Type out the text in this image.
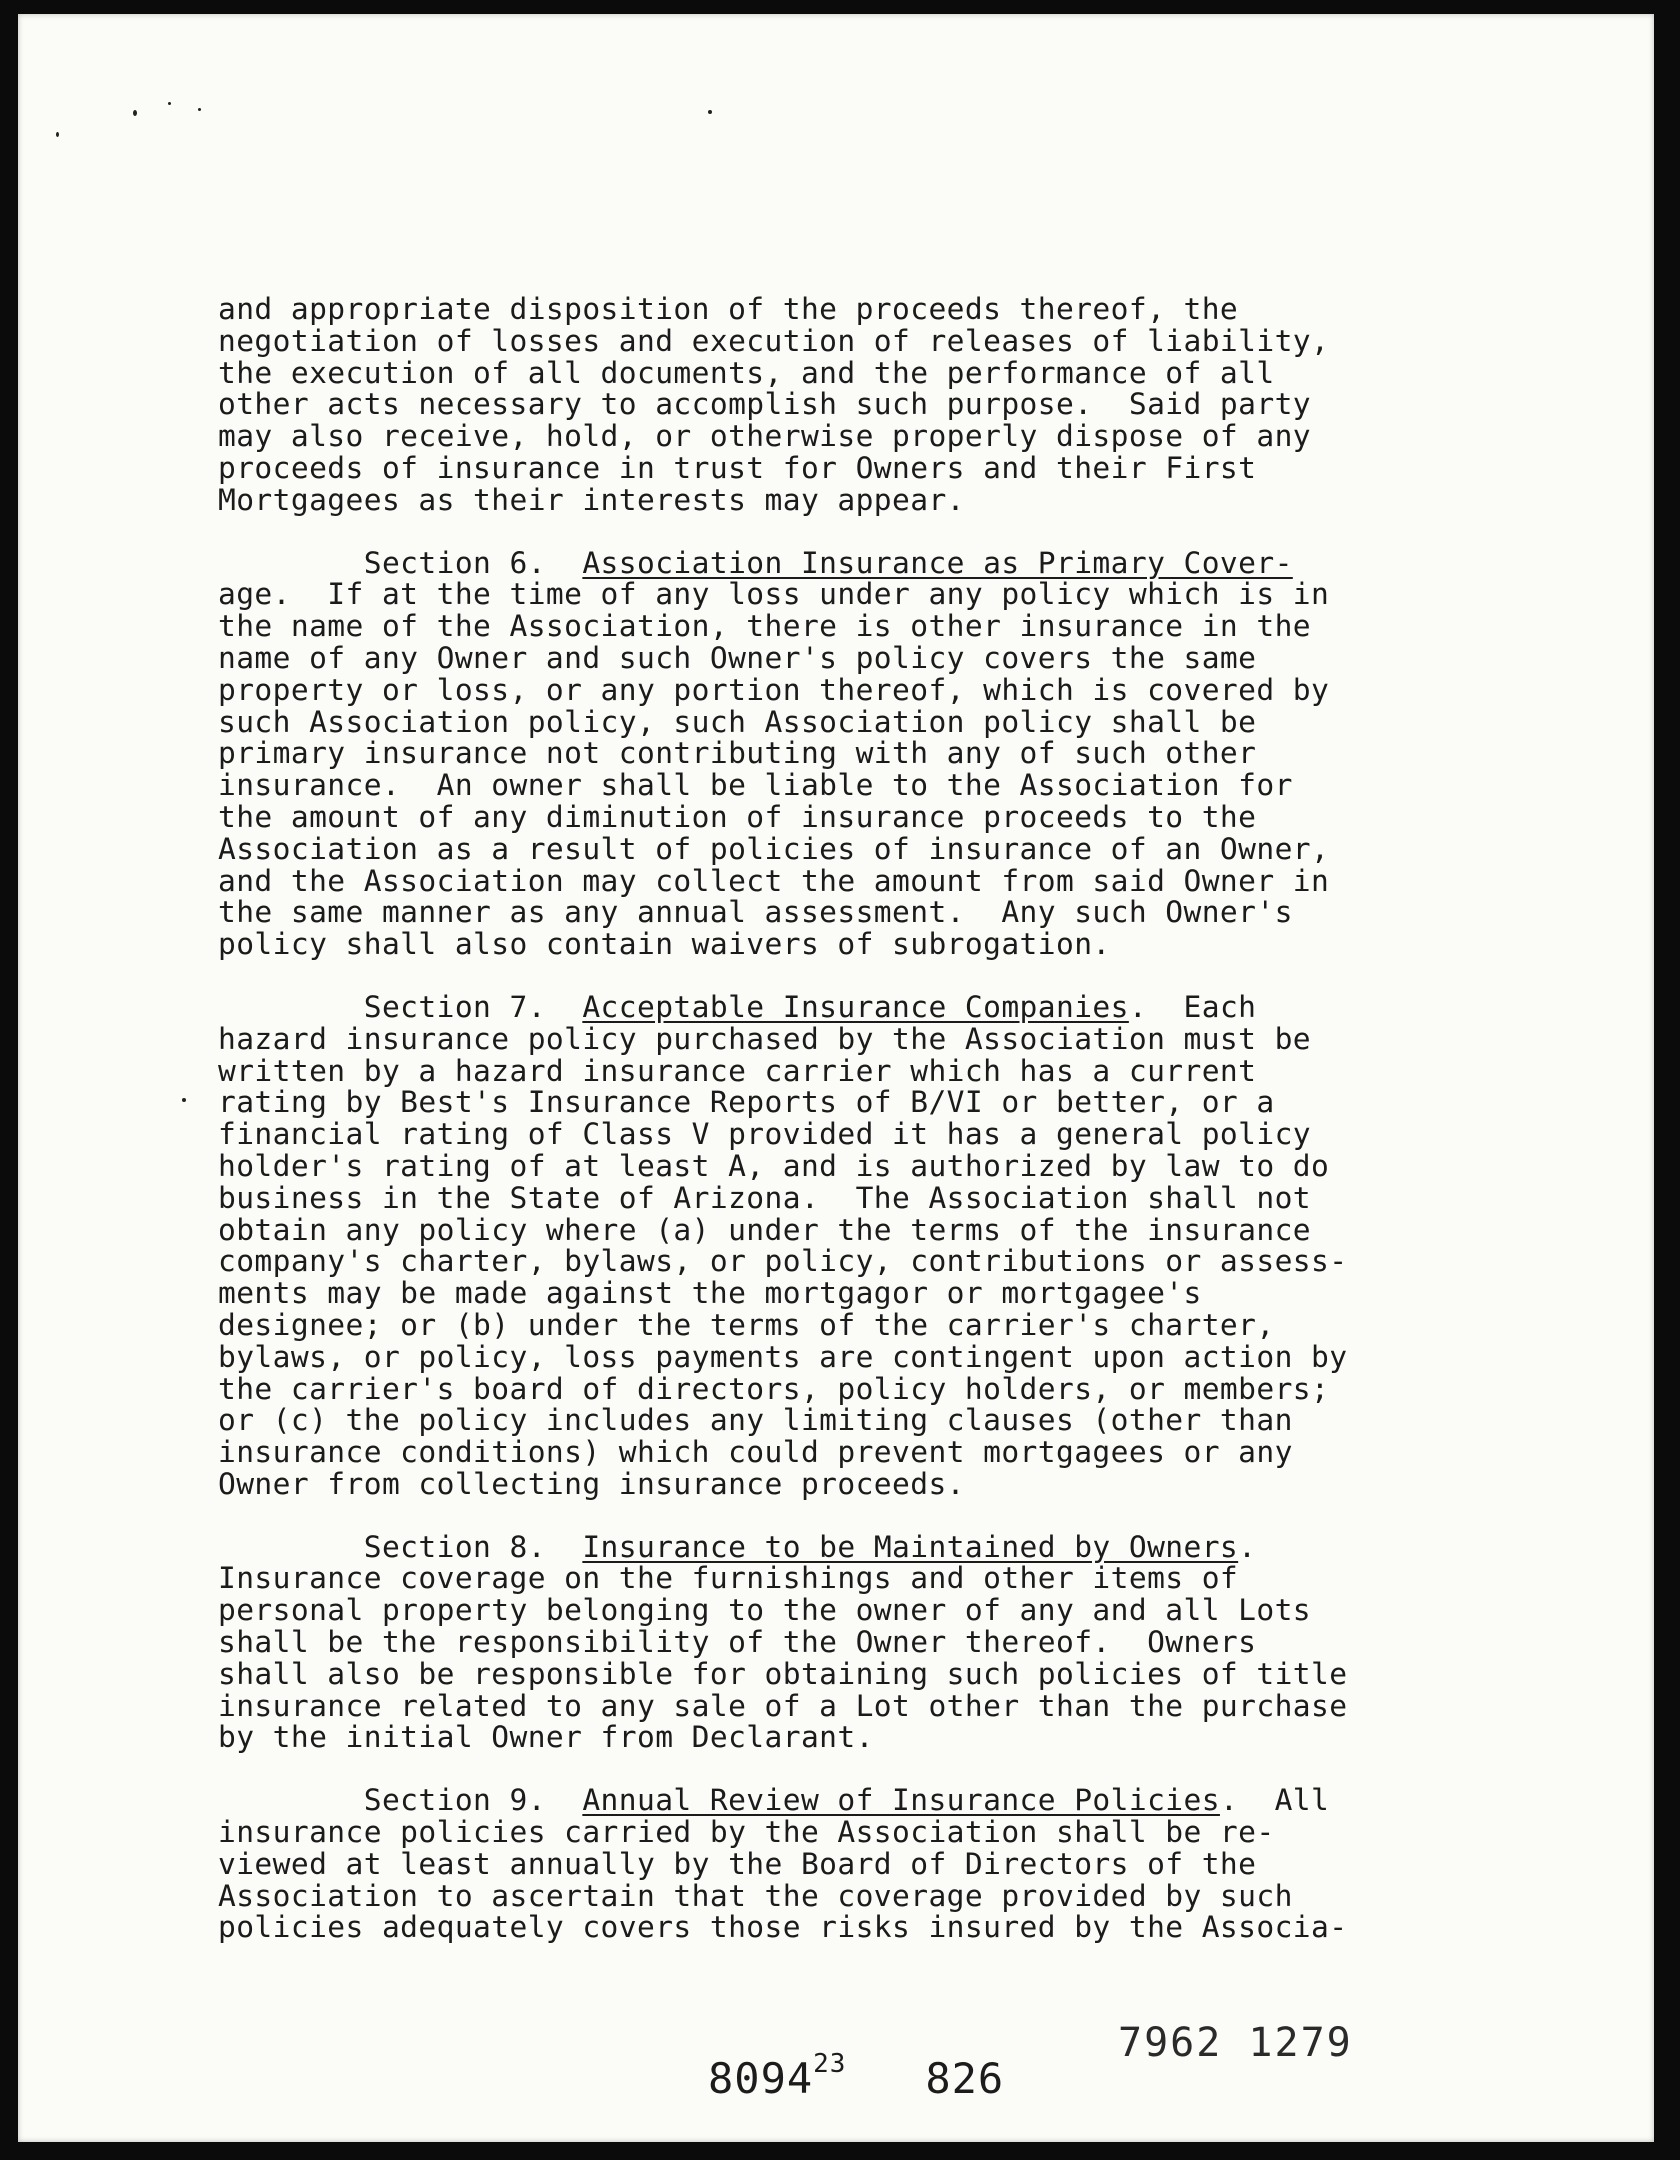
and appropriate disposition of the proceeds thereof, the
negotiation of losses and execution of releases of liability,
the execution of all documents, and the performance of all
other acts necessary to accomplish such purpose.  Said party
may also receive, hold, or otherwise properly dispose of any
proceeds of insurance in trust for Owners and their First
Mortgagees as their interests may appear.
Section 6.  Association Insurance as Primary Cover-
age.  If at the time of any loss under any policy which is in
the name of the Association, there is other insurance in the
name of any Owner and such Owner's policy covers the same
property or loss, or any portion thereof, which is covered by
such Association policy, such Association policy shall be
primary insurance not contributing with any of such other
insurance.  An owner shall be liable to the Association for
the amount of any diminution of insurance proceeds to the
Association as a result of policies of insurance of an Owner,
and the Association may collect the amount from said Owner in
the same manner as any annual assessment.  Any such Owner's
policy shall also contain waivers of subrogation.
Section 7.  Acceptable Insurance Companies.  Each
hazard insurance policy purchased by the Association must be
written by a hazard insurance carrier which has a current
rating by Best's Insurance Reports of B/VI or better, or a
financial rating of Class V provided it has a general policy
holder's rating of at least A, and is authorized by law to do
business in the State of Arizona.  The Association shall not
obtain any policy where (a) under the terms of the insurance
company's charter, bylaws, or policy, contributions or assess-
ments may be made against the mortgagor or mortgagee's
designee; or (b) under the terms of the carrier's charter,
bylaws, or policy, loss payments are contingent upon action by
the carrier's board of directors, policy holders, or members;
or (c) the policy includes any limiting clauses (other than
insurance conditions) which could prevent mortgagees or any
Owner from collecting insurance proceeds.
Section 8.  Insurance to be Maintained by Owners.
Insurance coverage on the furnishings and other items of
personal property belonging to the owner of any and all Lots
shall be the responsibility of the Owner thereof.  Owners
shall also be responsible for obtaining such policies of title
insurance related to any sale of a Lot other than the purchase
by the initial Owner from Declarant.
Section 9.  Annual Review of Insurance Policies.  All
insurance policies carried by the Association shall be re-
viewed at least annually by the Board of Directors of the
Association to ascertain that the coverage provided by such
policies adequately covers those risks insured by the Associa-
8094$^{23}$ 826
7962 1279
